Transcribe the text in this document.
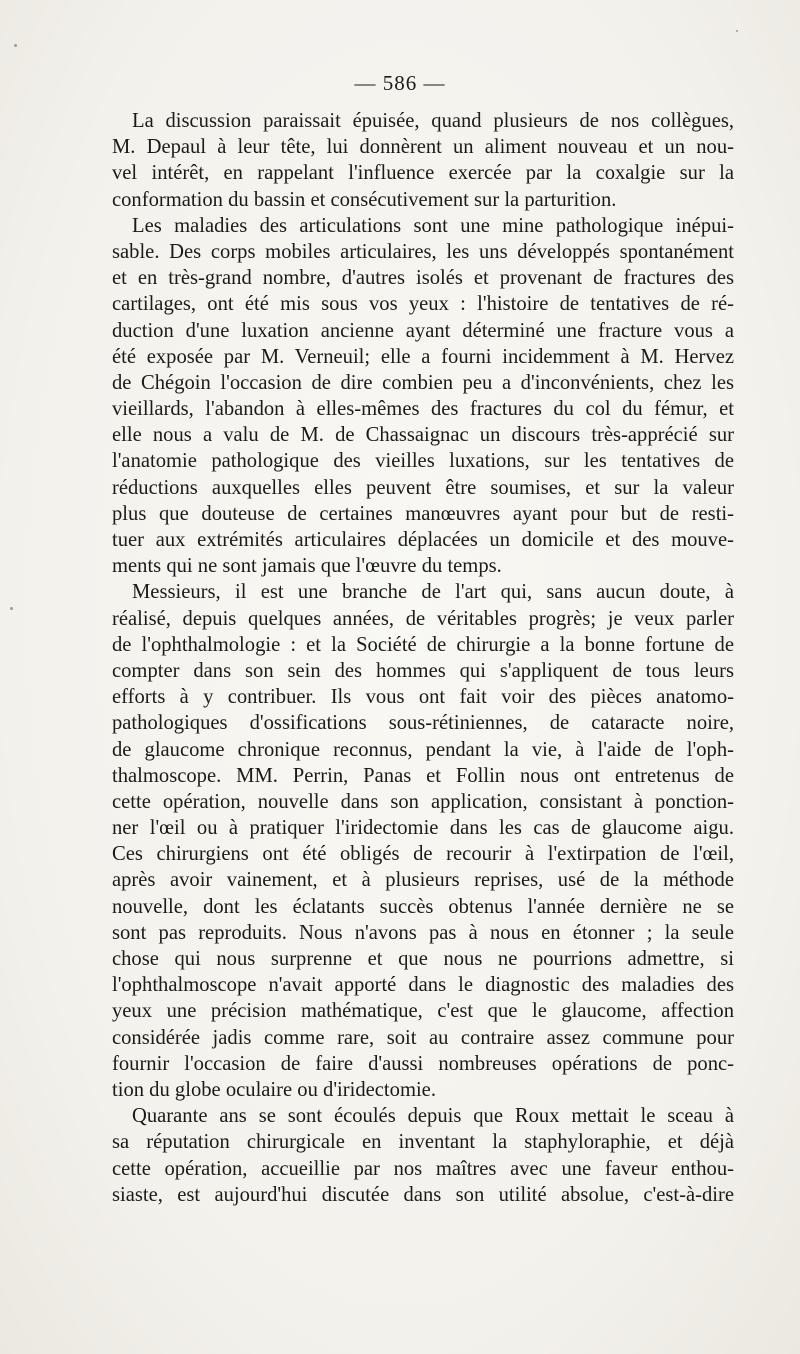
— 586 —
La discussion paraissait épuisée, quand plusieurs de nos collègues,
M. Depaul à leur tête, lui donnèrent un aliment nouveau et un nou-
vel intérêt, en rappelant l'influence exercée par la coxalgie sur la
conformation du bassin et consécutivement sur la parturition.
Les maladies des articulations sont une mine pathologique inépui-
sable. Des corps mobiles articulaires, les uns développés spontanément
et en très-grand nombre, d'autres isolés et provenant de fractures des
cartilages, ont été mis sous vos yeux : l'histoire de tentatives de ré-
duction d'une luxation ancienne ayant déterminé une fracture vous a
été exposée par M. Verneuil; elle a fourni incidemment à M. Hervez
de Chégoin l'occasion de dire combien peu a d'inconvénients, chez les
vieillards, l'abandon à elles-mêmes des fractures du col du fémur, et
elle nous a valu de M. de Chassaignac un discours très-apprécié sur
l'anatomie pathologique des vieilles luxations, sur les tentatives de
réductions auxquelles elles peuvent être soumises, et sur la valeur
plus que douteuse de certaines manœuvres ayant pour but de resti-
tuer aux extrémités articulaires déplacées un domicile et des mouve-
ments qui ne sont jamais que l'œuvre du temps.
Messieurs, il est une branche de l'art qui, sans aucun doute, à
réalisé, depuis quelques années, de véritables progrès; je veux parler
de l'ophthalmologie : et la Société de chirurgie a la bonne fortune de
compter dans son sein des hommes qui s'appliquent de tous leurs
efforts à y contribuer. Ils vous ont fait voir des pièces anatomo-
pathologiques d'ossifications sous-rétiniennes, de cataracte noire,
de glaucome chronique reconnus, pendant la vie, à l'aide de l'oph-
thalmoscope. MM. Perrin, Panas et Follin nous ont entretenus de
cette opération, nouvelle dans son application, consistant à ponction-
ner l'œil ou à pratiquer l'iridectomie dans les cas de glaucome aigu.
Ces chirurgiens ont été obligés de recourir à l'extirpation de l'œil,
après avoir vainement, et à plusieurs reprises, usé de la méthode
nouvelle, dont les éclatants succès obtenus l'année dernière ne se
sont pas reproduits. Nous n'avons pas à nous en étonner ; la seule
chose qui nous surprenne et que nous ne pourrions admettre, si
l'ophthalmoscope n'avait apporté dans le diagnostic des maladies des
yeux une précision mathématique, c'est que le glaucome, affection
considérée jadis comme rare, soit au contraire assez commune pour
fournir l'occasion de faire d'aussi nombreuses opérations de ponc-
tion du globe oculaire ou d'iridectomie.
Quarante ans se sont écoulés depuis que Roux mettait le sceau à
sa réputation chirurgicale en inventant la staphyloraphie, et déjà
cette opération, accueillie par nos maîtres avec une faveur enthou-
siaste, est aujourd'hui discutée dans son utilité absolue, c'est-à-dire
